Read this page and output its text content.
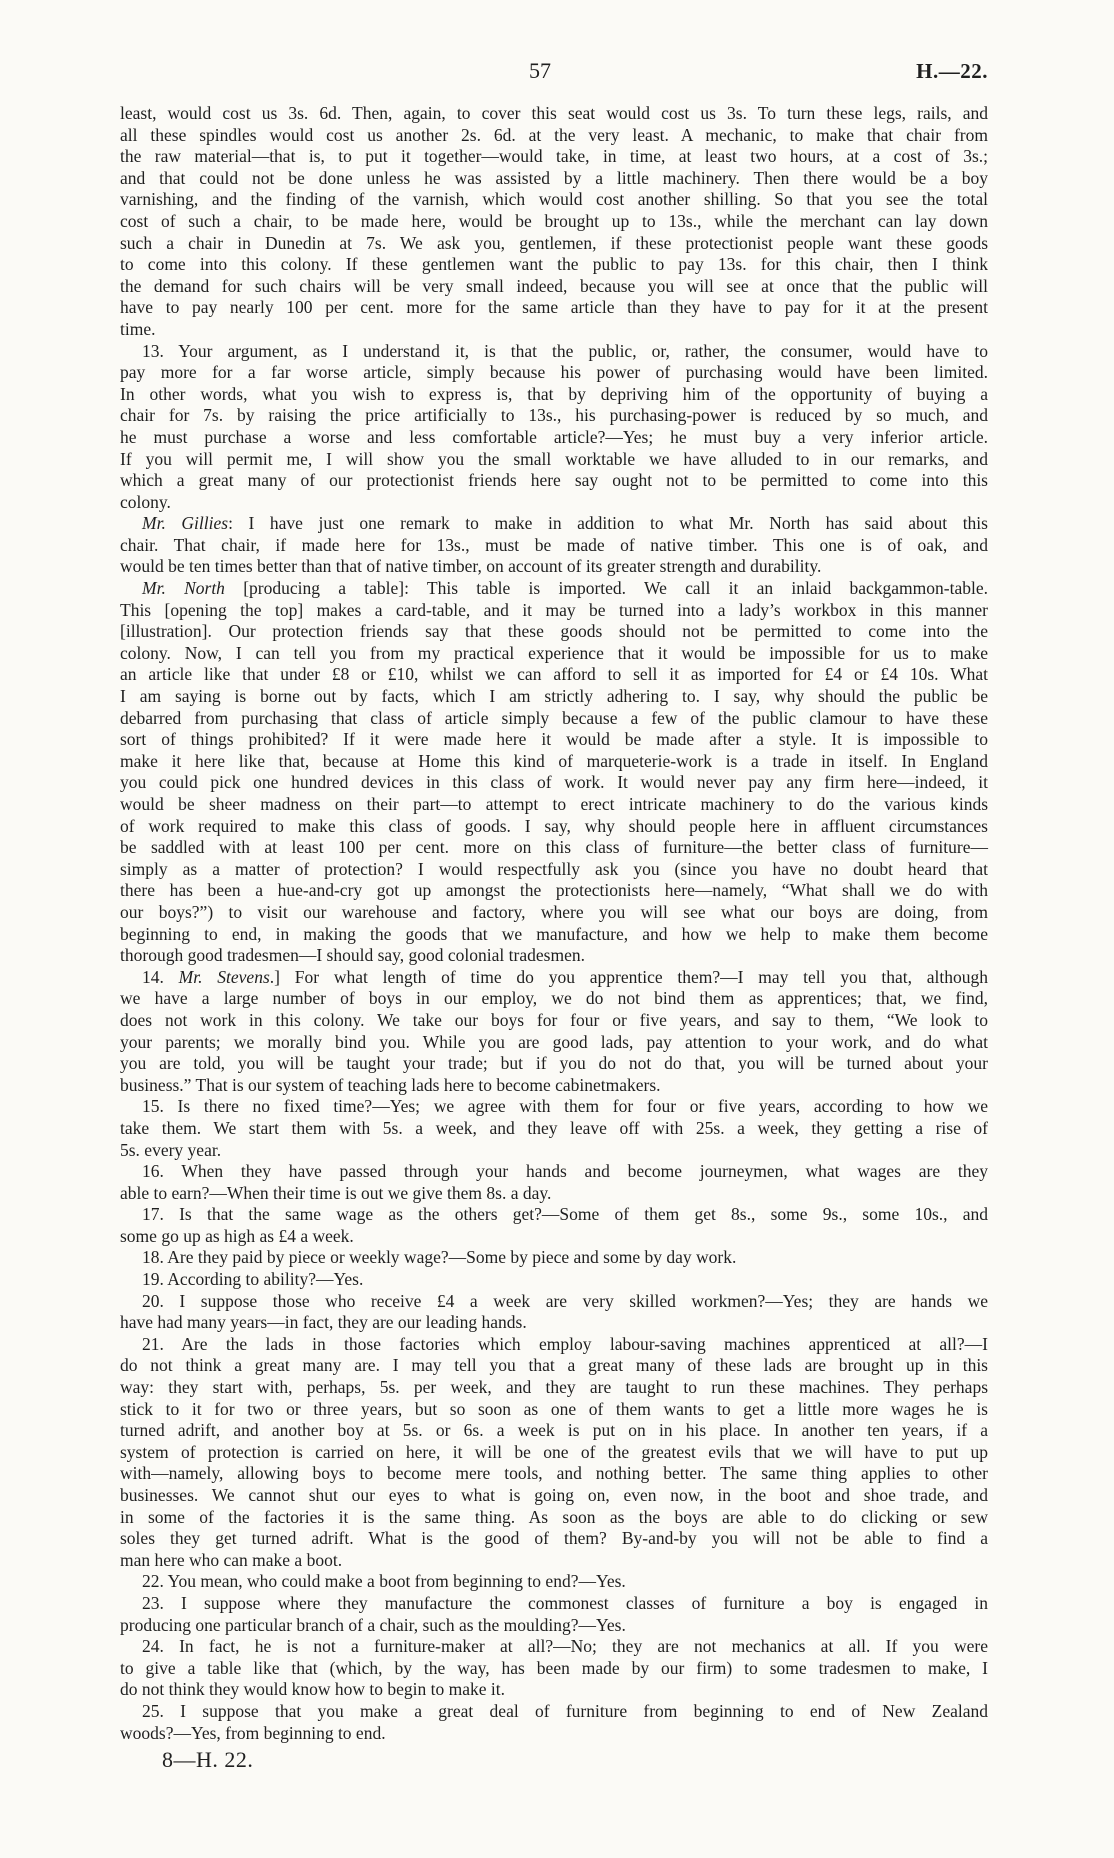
57	H.—22.
least, would cost us 3s. 6d. Then, again, to cover this seat would cost us 3s. To turn these legs, rails, and
all these spindles would cost us another 2s. 6d. at the very least. A mechanic, to make that chair from
the raw material—that is, to put it together—would take, in time, at least two hours, at a cost of 3s.;
and that could not be done unless he was assisted by a little machinery. Then there would be a boy
varnishing, and the finding of the varnish, which would cost another shilling. So that you see the total
cost of such a chair, to be made here, would be brought up to 13s., while the merchant can lay down
such a chair in Dunedin at 7s. We ask you, gentlemen, if these protectionist people want these goods
to come into this colony. If these gentlemen want the public to pay 13s. for this chair, then I think
the demand for such chairs will be very small indeed, because you will see at once that the public will
have to pay nearly 100 per cent. more for the same article than they have to pay for it at the present
time.
13. Your argument, as I understand it, is that the public, or, rather, the consumer, would have to
pay more for a far worse article, simply because his power of purchasing would have been limited.
In other words, what you wish to express is, that by depriving him of the opportunity of buying a
chair for 7s. by raising the price artificially to 13s., his purchasing-power is reduced by so much, and
he must purchase a worse and less comfortable article?—Yes; he must buy a very inferior article.
If you will permit me, I will show you the small worktable we have alluded to in our remarks, and
which a great many of our protectionist friends here say ought not to be permitted to come into this
colony.
Mr. Gillies: I have just one remark to make in addition to what Mr. North has said about this
chair. That chair, if made here for 13s., must be made of native timber. This one is of oak, and
would be ten times better than that of native timber, on account of its greater strength and durability.
Mr. North [producing a table]: This table is imported. We call it an inlaid backgammon-table.
This [opening the top] makes a card-table, and it may be turned into a lady’s workbox in this manner
[illustration]. Our protection friends say that these goods should not be permitted to come into the
colony. Now, I can tell you from my practical experience that it would be impossible for us to make
an article like that under £8 or £10, whilst we can afford to sell it as imported for £4 or £4 10s. What
I am saying is borne out by facts, which I am strictly adhering to. I say, why should the public be
debarred from purchasing that class of article simply because a few of the public clamour to have these
sort of things prohibited? If it were made here it would be made after a style. It is impossible to
make it here like that, because at Home this kind of marqueterie-work is a trade in itself. In England
you could pick one hundred devices in this class of work. It would never pay any firm here—indeed, it
would be sheer madness on their part—to attempt to erect intricate machinery to do the various kinds
of work required to make this class of goods. I say, why should people here in affluent circumstances
be saddled with at least 100 per cent. more on this class of furniture—the better class of furniture—
simply as a matter of protection? I would respectfully ask you (since you have no doubt heard that
there has been a hue-and-cry got up amongst the protectionists here—namely, “What shall we do with
our boys?”) to visit our warehouse and factory, where you will see what our boys are doing, from
beginning to end, in making the goods that we manufacture, and how we help to make them become
thorough good tradesmen—I should say, good colonial tradesmen.
14. Mr. Stevens.] For what length of time do you apprentice them?—I may tell you that, although
we have a large number of boys in our employ, we do not bind them as apprentices; that, we find,
does not work in this colony. We take our boys for four or five years, and say to them, “We look to
your parents; we morally bind you. While you are good lads, pay attention to your work, and do what
you are told, you will be taught your trade; but if you do not do that, you will be turned about your
business.” That is our system of teaching lads here to become cabinetmakers.
15. Is there no fixed time?—Yes; we agree with them for four or five years, according to how we
take them. We start them with 5s. a week, and they leave off with 25s. a week, they getting a rise of
5s. every year.
16. When they have passed through your hands and become journeymen, what wages are they
able to earn?—When their time is out we give them 8s. a day.
17. Is that the same wage as the others get?—Some of them get 8s., some 9s., some 10s., and
some go up as high as £4 a week.
18. Are they paid by piece or weekly wage?—Some by piece and some by day work.
19. According to ability?—Yes.
20. I suppose those who receive £4 a week are very skilled workmen?—Yes; they are hands we
have had many years—in fact, they are our leading hands.
21. Are the lads in those factories which employ labour-saving machines apprenticed at all?—I
do not think a great many are. I may tell you that a great many of these lads are brought up in this
way: they start with, perhaps, 5s. per week, and they are taught to run these machines. They perhaps
stick to it for two or three years, but so soon as one of them wants to get a little more wages he is
turned adrift, and another boy at 5s. or 6s. a week is put on in his place. In another ten years, if a
system of protection is carried on here, it will be one of the greatest evils that we will have to put up
with—namely, allowing boys to become mere tools, and nothing better. The same thing applies to other
businesses. We cannot shut our eyes to what is going on, even now, in the boot and shoe trade, and
in some of the factories it is the same thing. As soon as the boys are able to do clicking or sew
soles they get turned adrift. What is the good of them? By-and-by you will not be able to find a
man here who can make a boot.
22. You mean, who could make a boot from beginning to end?—Yes.
23. I suppose where they manufacture the commonest classes of furniture a boy is engaged in
producing one particular branch of a chair, such as the moulding?—Yes.
24. In fact, he is not a furniture-maker at all?—No; they are not mechanics at all. If you were
to give a table like that (which, by the way, has been made by our firm) to some tradesmen to make, I
do not think they would know how to begin to make it.
25. I suppose that you make a great deal of furniture from beginning to end of New Zealand
woods?—Yes, from beginning to end.
8—H. 22.
